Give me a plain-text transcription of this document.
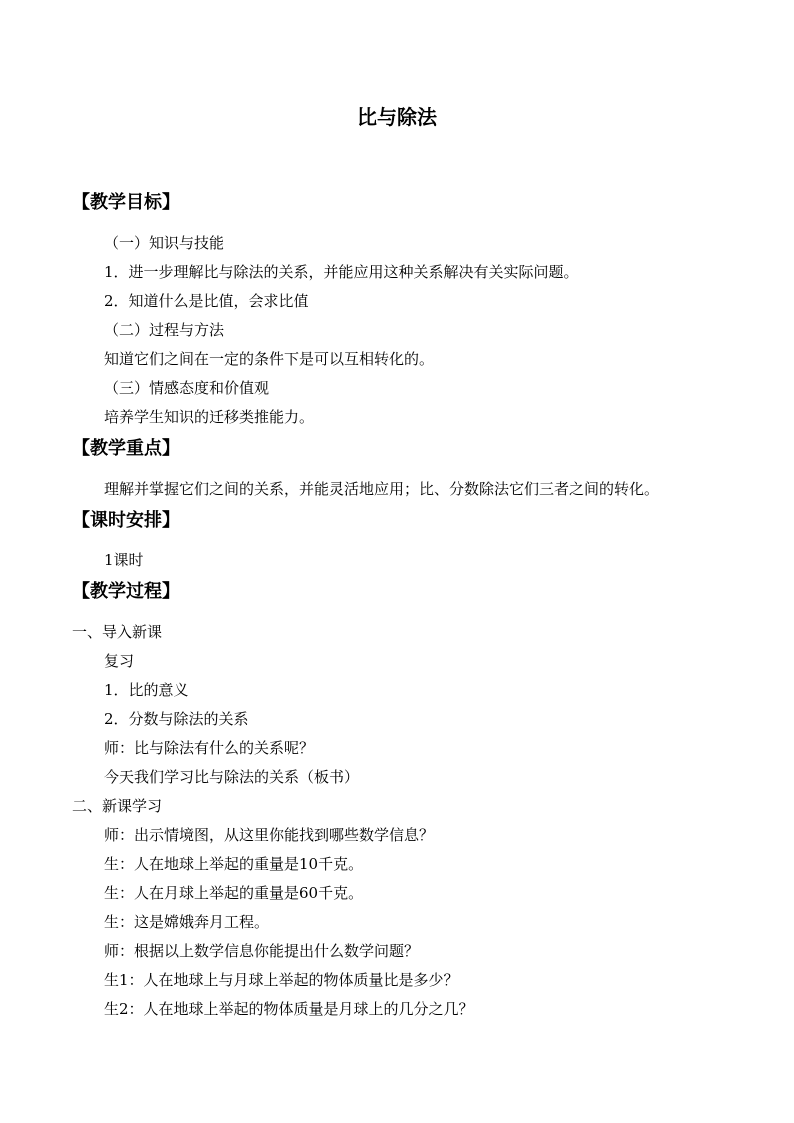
比与除法
【教学目标】
（一）知识与技能
1．进一步理解比与除法的关系，并能应用这种关系解决有关实际问题。
2．知道什么是比值，会求比值
（二）过程与方法
知道它们之间在一定的条件下是可以互相转化的。
（三）情感态度和价值观
培养学生知识的迁移类推能力。
【教学重点】
理解并掌握它们之间的关系，并能灵活地应用；比、分数除法它们三者之间的转化。
【课时安排】
1课时
【教学过程】
一、导入新课
复习
1．比的意义
2．分数与除法的关系
师：比与除法有什么的关系呢？
今天我们学习比与除法的关系（板书）
二、新课学习
师：出示情境图，从这里你能找到哪些数学信息？
生：人在地球上举起的重量是10千克。
生：人在月球上举起的重量是60千克。
生：这是嫦娥奔月工程。
师：根据以上数学信息你能提出什么数学问题？
生1：人在地球上与月球上举起的物体质量比是多少？
生2：人在地球上举起的物体质量是月球上的几分之几？
